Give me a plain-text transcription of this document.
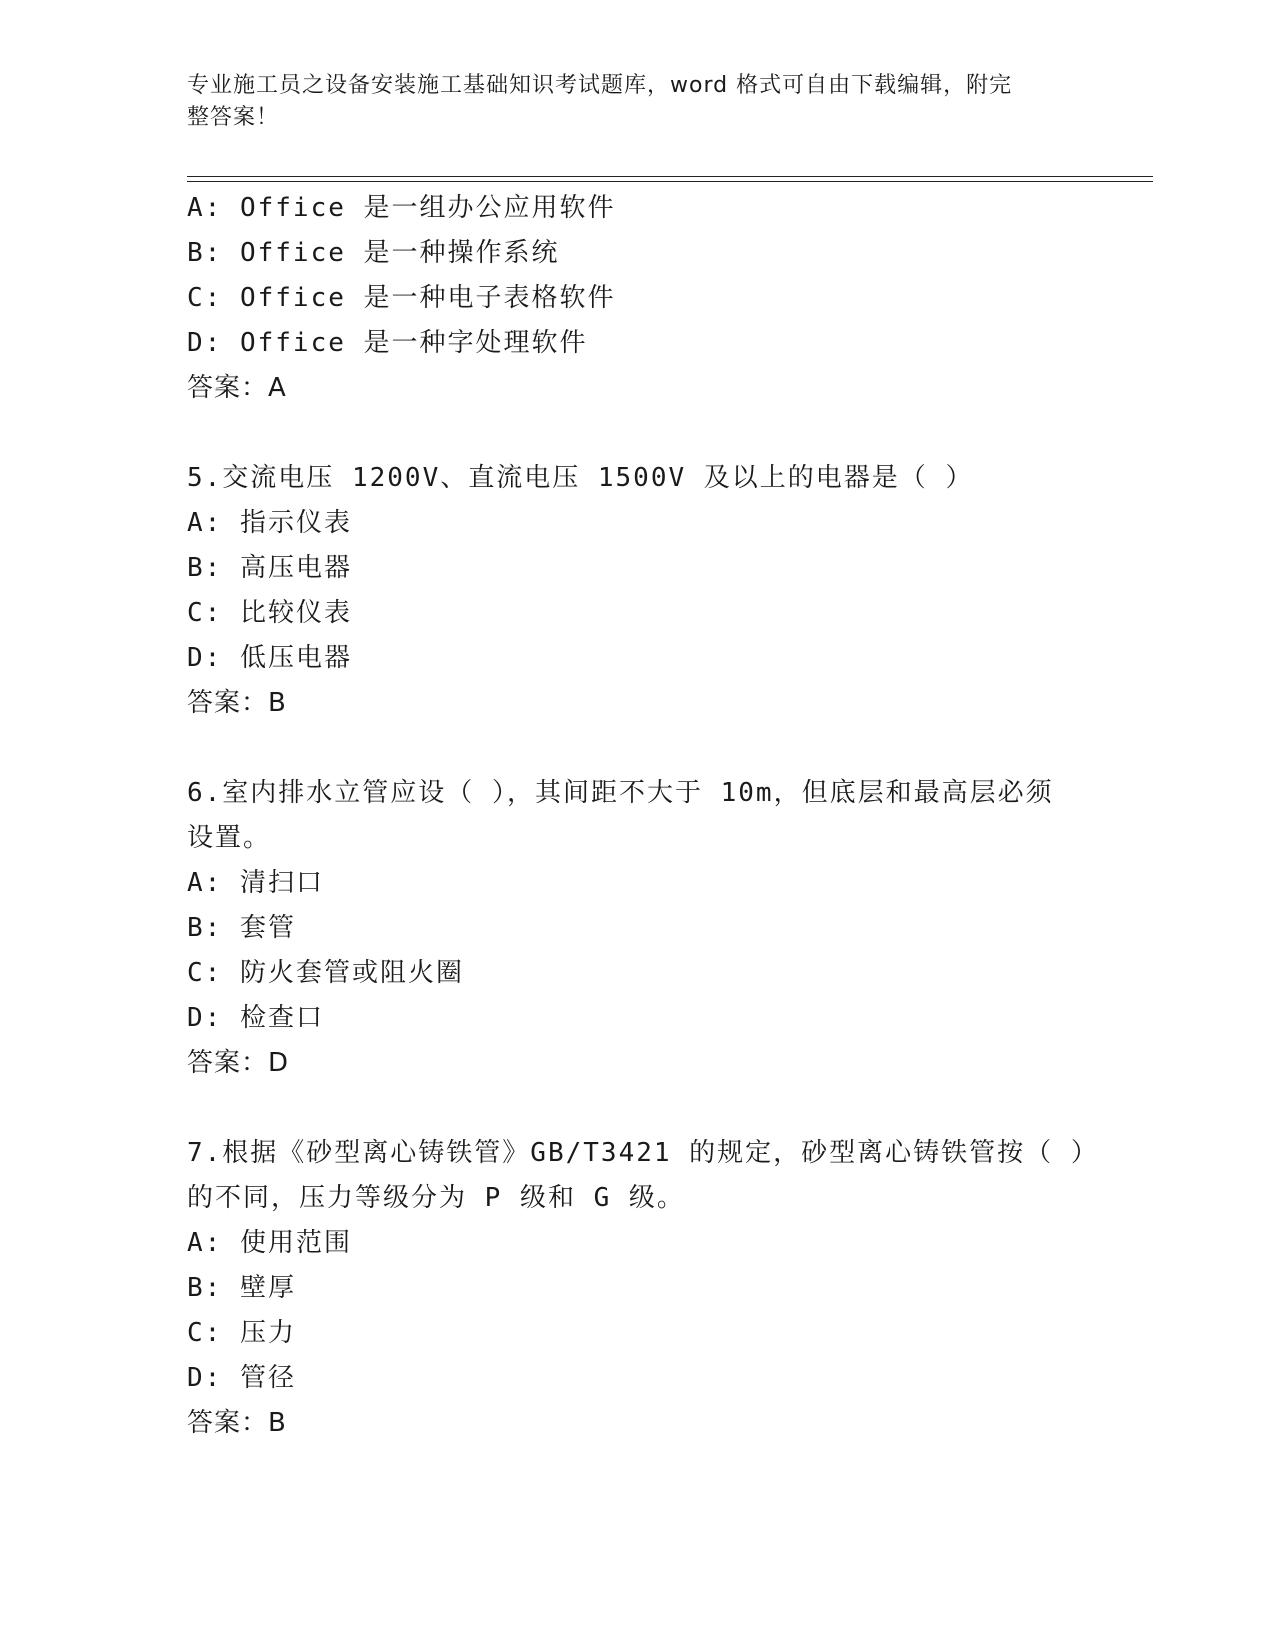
专业施工员之设备安装施工基础知识考试题库，word 格式可自由下载编辑，附完
整答案！
A: Office 是一组办公应用软件
B: Office 是一种操作系统
C: Office 是一种电子表格软件
D: Office 是一种字处理软件
答案：A
5.交流电压 1200V、直流电压 1500V 及以上的电器是（ ）
A: 指示仪表
B: 高压电器
C: 比较仪表
D: 低压电器
答案：B
6.室内排水立管应设（ ），其间距不大于 10m，但底层和最高层必须
设置。
A: 清扫口
B: 套管
C: 防火套管或阻火圈
D: 检查口
答案：D
7.根据《砂型离心铸铁管》GB/T3421 的规定，砂型离心铸铁管按（ ）
的不同，压力等级分为 P 级和 G 级。
A: 使用范围
B: 壁厚
C: 压力
D: 管径
答案：B
